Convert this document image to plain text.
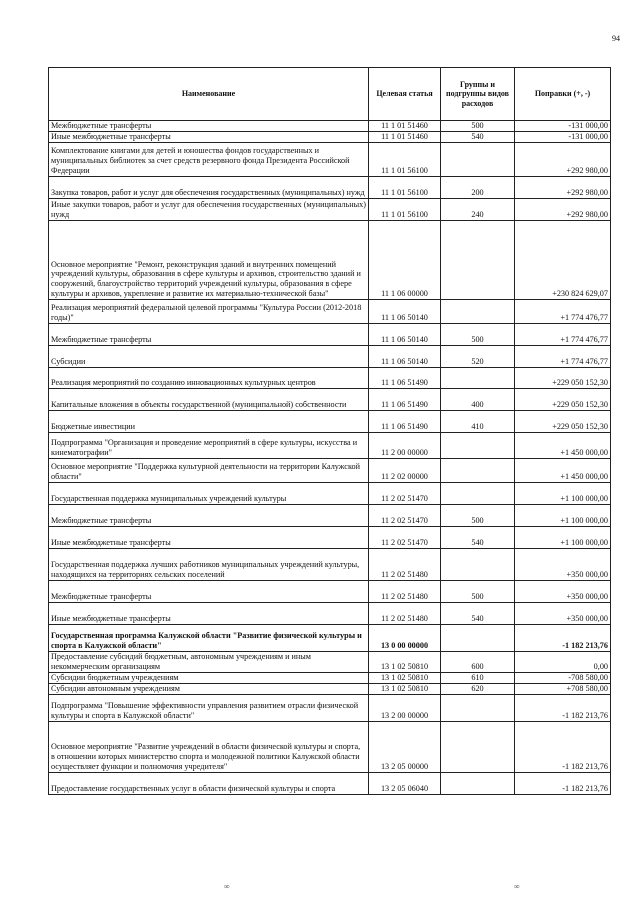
94
Наименование	Целевая статья	Группы и подгруппы видов расходов	Поправки (+, -)
Межбюджетные трансферты	11 1 01 51460	500	-131 000,00
Иные межбюджетные трансферты	11 1 01 51460	540	-131 000,00
Комплектование книгами для детей и юношества фондов государственных и муниципальных библиотек за счет средств резервного фонда Президента Российской Федерации	11 1 01 56100		+292 980,00
Закупка товаров, работ и услуг для обеспечения государственных (муниципальных) нужд	11 1 01 56100	200	+292 980,00
Иные закупки товаров, работ и услуг для обеспечения государственных (муниципальных) нужд	11 1 01 56100	240	+292 980,00
Основное мероприятие "Ремонт, реконструкция зданий и внутренних помещений учреждений культуры, образования в сфере культуры и архивов, строительство зданий и сооружений, благоустройство территорий учреждений культуры, образования в сфере культуры и архивов, укрепление и развитие их материально-технической базы"	11 1 06 00000		+230 824 629,07
Реализация мероприятий федеральной целевой программы "Культура России (2012-2018 годы)"	11 1 06 50140		+1 774 476,77
Межбюджетные трансферты	11 1 06 50140	500	+1 774 476,77
Субсидии	11 1 06 50140	520	+1 774 476,77
Реализация мероприятий по созданию инновационных культурных центров	11 1 06 51490		+229 050 152,30
Капитальные вложения в объекты государственной (муниципальной) собственности	11 1 06 51490	400	+229 050 152,30
Бюджетные инвестиции	11 1 06 51490	410	+229 050 152,30
Подпрограмма "Организация и проведение мероприятий в сфере культуры, искусства и кинематографии"	11 2 00 00000		+1 450 000,00
Основное мероприятие "Поддержка культурной деятельности на территории Калужской области"	11 2 02 00000		+1 450 000,00
Государственная поддержка муниципальных учреждений культуры	11 2 02 51470		+1 100 000,00
Межбюджетные трансферты	11 2 02 51470	500	+1 100 000,00
Иные межбюджетные трансферты	11 2 02 51470	540	+1 100 000,00
Государственная поддержка лучших работников муниципальных учреждений культуры, находящихся на территориях сельских поселений	11 2 02 51480		+350 000,00
Межбюджетные трансферты	11 2 02 51480	500	+350 000,00
Иные межбюджетные трансферты	11 2 02 51480	540	+350 000,00
Государственная программа Калужской области "Развитие физической культуры и спорта в Калужской области"	13 0 00 00000		-1 182 213,76
Предоставление субсидий бюджетным, автономным учреждениям и иным некоммерческим организациям	13 1 02 50810	600	0,00
Субсидии бюджетным учреждениям	13 1 02 50810	610	-708 580,00
Субсидии автономным учреждениям	13 1 02 50810	620	+708 580,00
Подпрограмма "Повышение эффективности управления развитием отрасли физической культуры и спорта в Калужской области"	13 2 00 00000		-1 182 213,76
Основное мероприятие "Развитие учреждений в области физической культуры и спорта, в отношении которых министерство спорта и молодежной политики Калужской области осуществляет функции и полномочия учредителя"	13 2 05 00000		-1 182 213,76
Предоставление государственных услуг в области физической культуры и спорта	13 2 05 06040		-1 182 213,76
∞	∞
